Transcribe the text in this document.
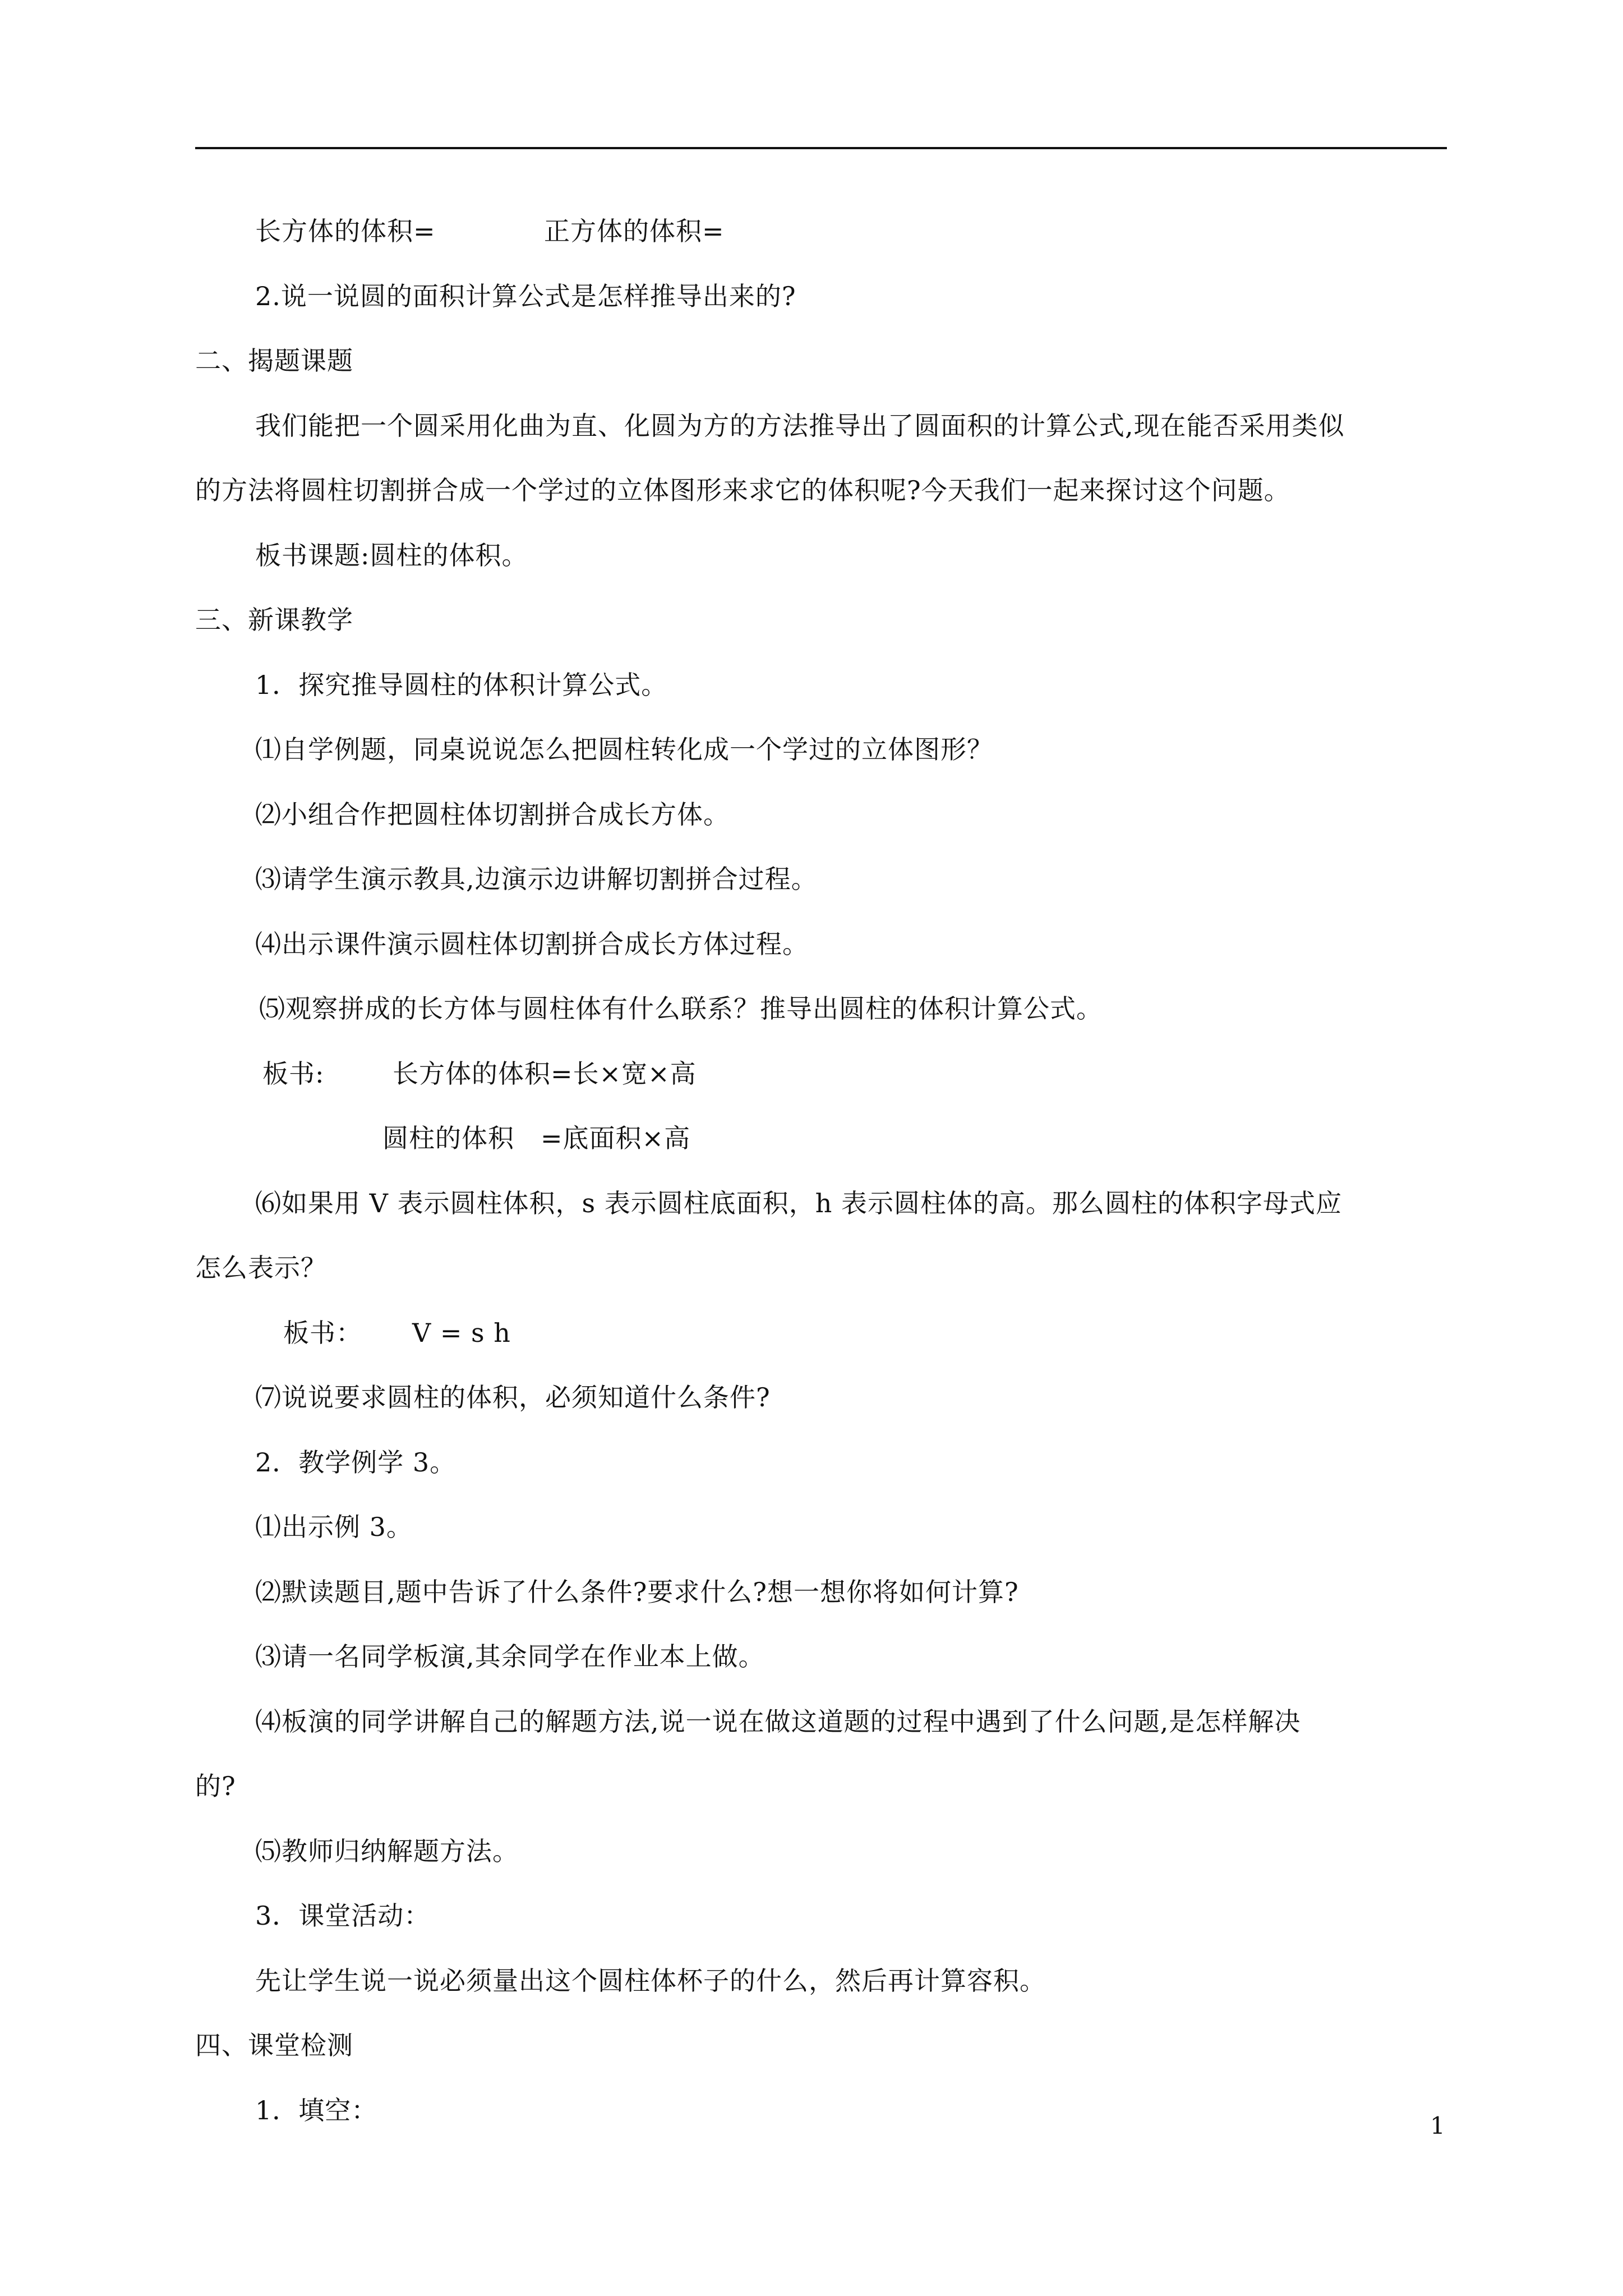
长方体的体积=	正方体的体积=
2.说一说圆的面积计算公式是怎样推导出来的?
二、揭题课题
我们能把一个圆采用化曲为直、化圆为方的方法推导出了圆面积的计算公式,现在能否采用类似
的方法将圆柱切割拼合成一个学过的立体图形来求它的体积呢?今天我们一起来探讨这个问题。
板书课题:圆柱的体积。
三、新课教学
1．探究推导圆柱的体积计算公式。
⑴自学例题，同桌说说怎么把圆柱转化成一个学过的立体图形？
⑵小组合作把圆柱体切割拼合成长方体。
⑶请学生演示教具,边演示边讲解切割拼合过程。
⑷出示课件演示圆柱体切割拼合成长方体过程。
⑸观察拼成的长方体与圆柱体有什么联系？推导出圆柱的体积计算公式。
板书:	长方体的体积=长×宽×高
圆柱的体积　=底面积×高
⑹如果用 V 表示圆柱体积，s 表示圆柱底面积，h 表示圆柱体的高。那么圆柱的体积字母式应
怎么表示？
板书： V = s h
⑺说说要求圆柱的体积，必须知道什么条件?
2．教学例学 3。
⑴出示例 3。
⑵默读题目,题中告诉了什么条件?要求什么?想一想你将如何计算?
⑶请一名同学板演,其余同学在作业本上做。
⑷板演的同学讲解自己的解题方法,说一说在做这道题的过程中遇到了什么问题,是怎样解决
的?
⑸教师归纳解题方法。
3．课堂活动：
先让学生说一说必须量出这个圆柱体杯子的什么，然后再计算容积。
四、课堂检测
1．填空：
1
